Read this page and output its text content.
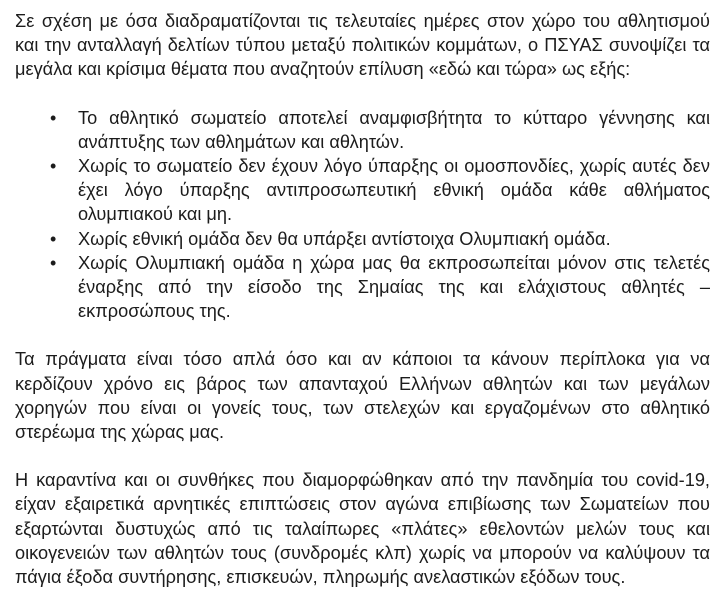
Σε σχέση με όσα διαδραματίζονται τις τελευταίες ημέρες στον χώρο του αθλητισμού και την ανταλλαγή δελτίων τύπου μεταξύ πολιτικών κομμάτων, ο ΠΣΥΑΣ συνοψίζει τα μεγάλα και κρίσιμα θέματα που αναζητούν επίλυση «εδώ και τώρα» ως εξής:

• Το αθλητικό σωματείο αποτελεί αναμφισβήτητα το κύτταρο γέννησης και ανάπτυξης των αθλημάτων και αθλητών.
• Χωρίς το σωματείο δεν έχουν λόγο ύπαρξης οι ομοσπονδίες, χωρίς αυτές δεν έχει λόγο ύπαρξης αντιπροσωπευτική εθνική ομάδα κάθε αθλήματος ολυμπιακού και μη.
• Χωρίς εθνική ομάδα δεν θα υπάρξει αντίστοιχα Ολυμπιακή ομάδα.
• Χωρίς Ολυμπιακή ομάδα η χώρα μας θα εκπροσωπείται μόνον στις τελετές έναρξης από την είσοδο της Σημαίας της και ελάχιστους αθλητές – εκπροσώπους της.

Τα πράγματα είναι τόσο απλά όσο και αν κάποιοι τα κάνουν περίπλοκα για να κερδίζουν χρόνο εις βάρος των απανταχού Ελλήνων αθλητών και των μεγάλων χορηγών που είναι οι γονείς τους, των στελεχών και εργαζομένων στο αθλητικό στερέωμα της χώρας μας.

Η καραντίνα και οι συνθήκες που διαμορφώθηκαν από την πανδημία του covid-19, είχαν εξαιρετικά αρνητικές επιπτώσεις στον αγώνα επιβίωσης των Σωματείων που εξαρτώνται δυστυχώς από τις ταλαίπωρες «πλάτες» εθελοντών μελών τους και οικογενειών των αθλητών τους (συνδρομές κλπ) χωρίς να μπορούν να καλύψουν τα πάγια έξοδα συντήρησης, επισκευών, πληρωμής ανελαστικών εξόδων τους.
